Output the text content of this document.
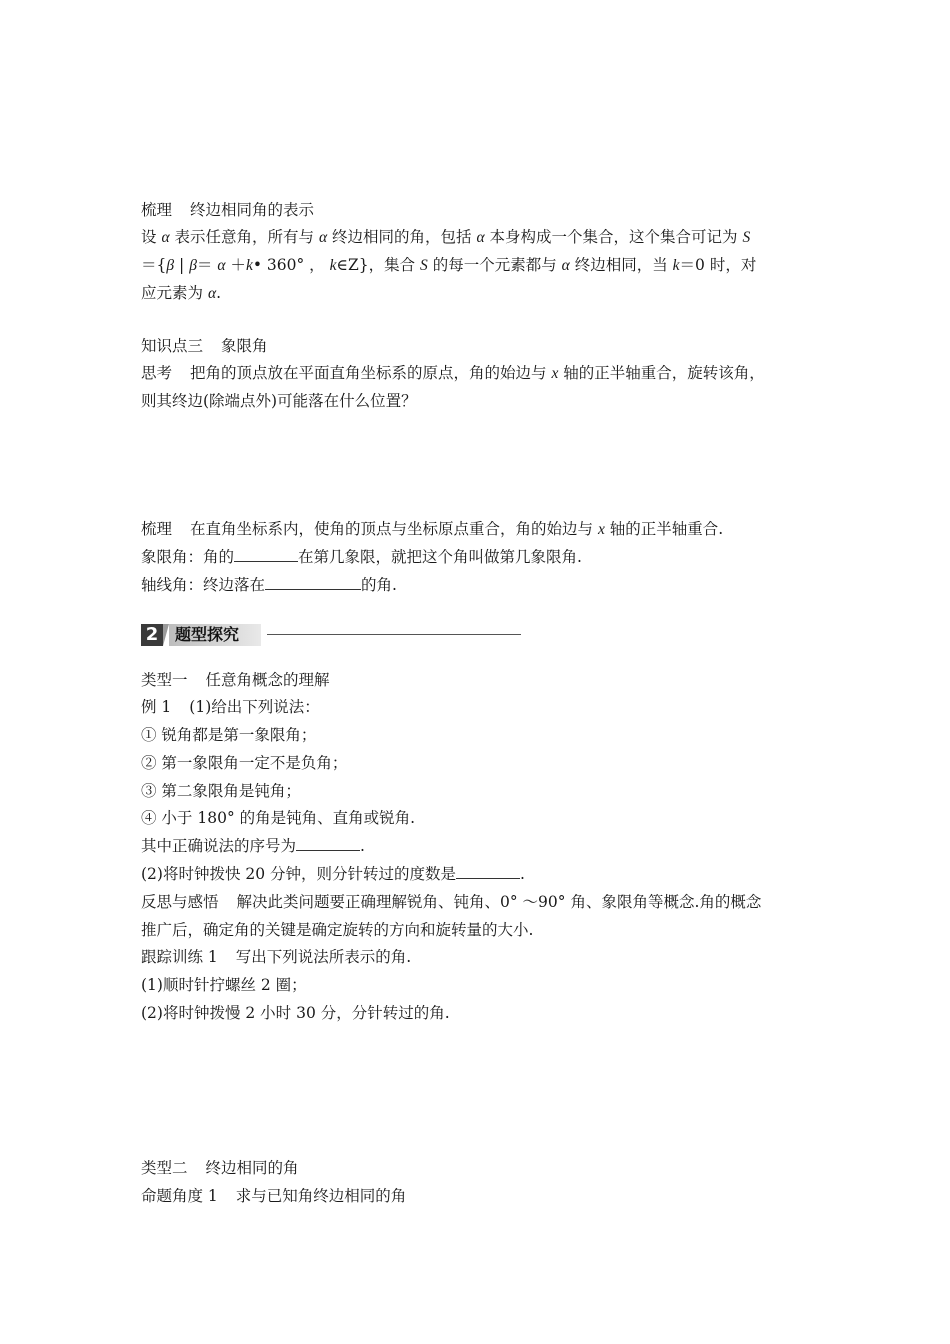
梳理 终边相同角的表示
设 α 表示任意角，所有与 α 终边相同的角，包括 α 本身构成一个集合，这个集合可记为 S
＝{β | β＝ α ＋k• 360° ， k∈Z}，集合 S 的每一个元素都与 α 终边相同，当 k＝0 时，对
应元素为 α.
知识点三 象限角
思考 把角的顶点放在平面直角坐标系的原点，角的始边与 x 轴的正半轴重合，旋转该角，
则其终边(除端点外)可能落在什么位置？
梳理 在直角坐标系内，使角的顶点与坐标原点重合，角的始边与 x 轴的正半轴重合.
象限角：角的	在第几象限，就把这个角叫做第几象限角.
轴线角：终边落在	的角.
2	题型探究
类型一 任意角概念的理解
例 1 (1)给出下列说法：
① 锐角都是第一象限角；
② 第一象限角一定不是负角；
③ 第二象限角是钝角；
④ 小于 180° 的角是钝角、直角或锐角.
其中正确说法的序号为	.
(2)将时钟拨快 20 分钟，则分针转过的度数是	.
反思与感悟 解决此类问题要正确理解锐角、钝角、0° ～90° 角、象限角等概念.角的概念
推广后，确定角的关键是确定旋转的方向和旋转量的大小.
跟踪训练 1 写出下列说法所表示的角.
(1)顺时针拧螺丝 2 圈；
(2)将时钟拨慢 2 小时 30 分，分针转过的角.
类型二 终边相同的角
命题角度 1 求与已知角终边相同的角
